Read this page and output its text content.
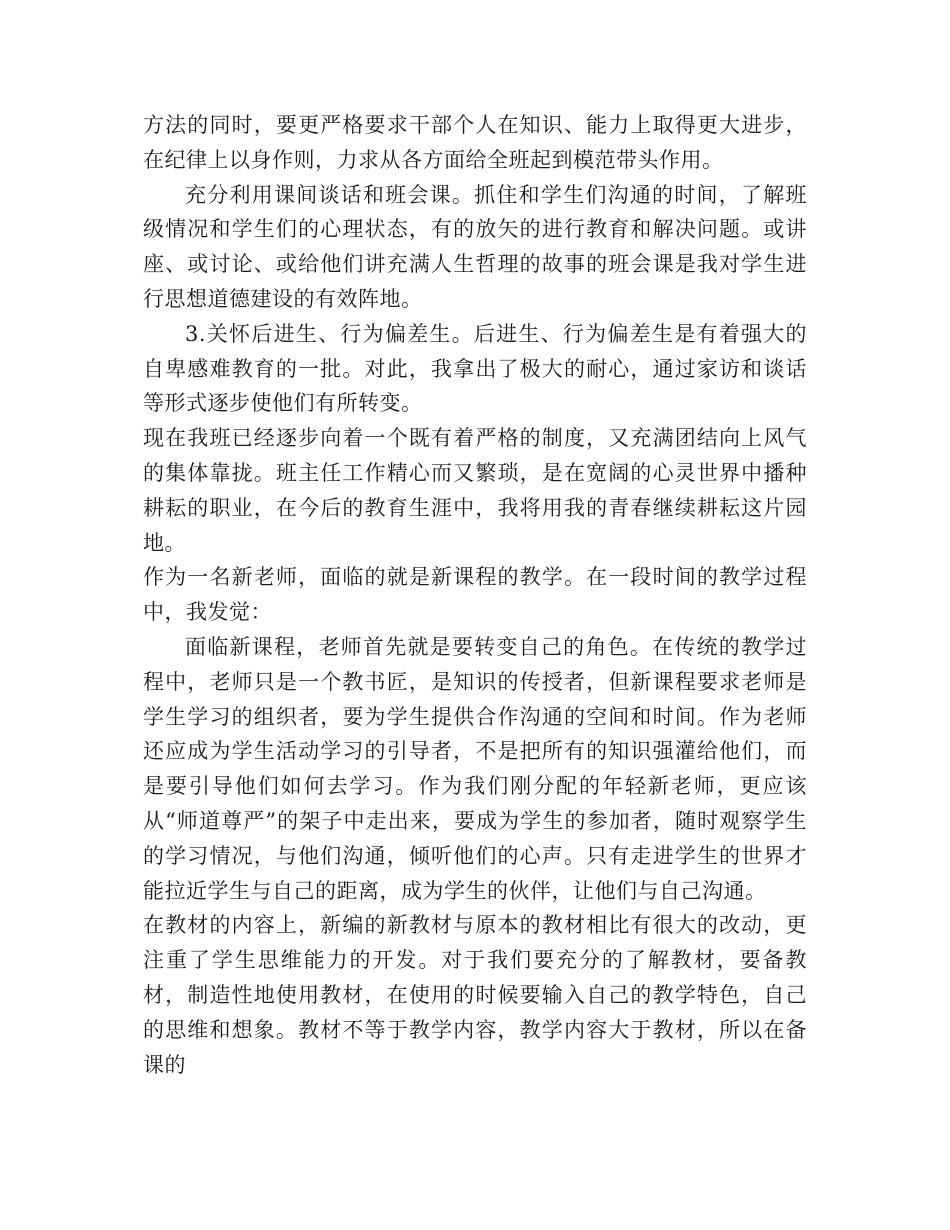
方法的同时，要更严格要求干部个人在知识、能力上取得更大进步，在纪律上以身作则，力求从各方面给全班起到模范带头作用。

充分利用课间谈话和班会课。抓住和学生们沟通的时间，了解班级情况和学生们的心理状态，有的放矢的进行教育和解决问题。或讲座、或讨论、或给他们讲充满人生哲理的故事的班会课是我对学生进行思想道德建设的有效阵地。

3.关怀后进生、行为偏差生。后进生、行为偏差生是有着强大的自卑感难教育的一批。对此，我拿出了极大的耐心，通过家访和谈话等形式逐步使他们有所转变。

现在我班已经逐步向着一个既有着严格的制度，又充满团结向上风气的集体靠拢。班主任工作精心而又繁琐，是在宽阔的心灵世界中播种耕耘的职业，在今后的教育生涯中，我将用我的青春继续耕耘这片园地。

作为一名新老师，面临的就是新课程的教学。在一段时间的教学过程中，我发觉：

面临新课程，老师首先就是要转变自己的角色。在传统的教学过程中，老师只是一个教书匠，是知识的传授者，但新课程要求老师是学生学习的组织者，要为学生提供合作沟通的空间和时间。作为老师还应成为学生活动学习的引导者，不是把所有的知识强灌给他们，而是要引导他们如何去学习。作为我们刚分配的年轻新老师，更应该从“师道尊严”的架子中走出来，要成为学生的参加者，随时观察学生的学习情况，与他们沟通，倾听他们的心声。只有走进学生的世界才能拉近学生与自己的距离，成为学生的伙伴，让他们与自己沟通。

在教材的内容上，新编的新教材与原本的教材相比有很大的改动，更注重了学生思维能力的开发。对于我们要充分的了解教材，要备教材，制造性地使用教材，在使用的时候要输入自己的教学特色，自己的思维和想象。教材不等于教学内容，教学内容大于教材，所以在备课的
